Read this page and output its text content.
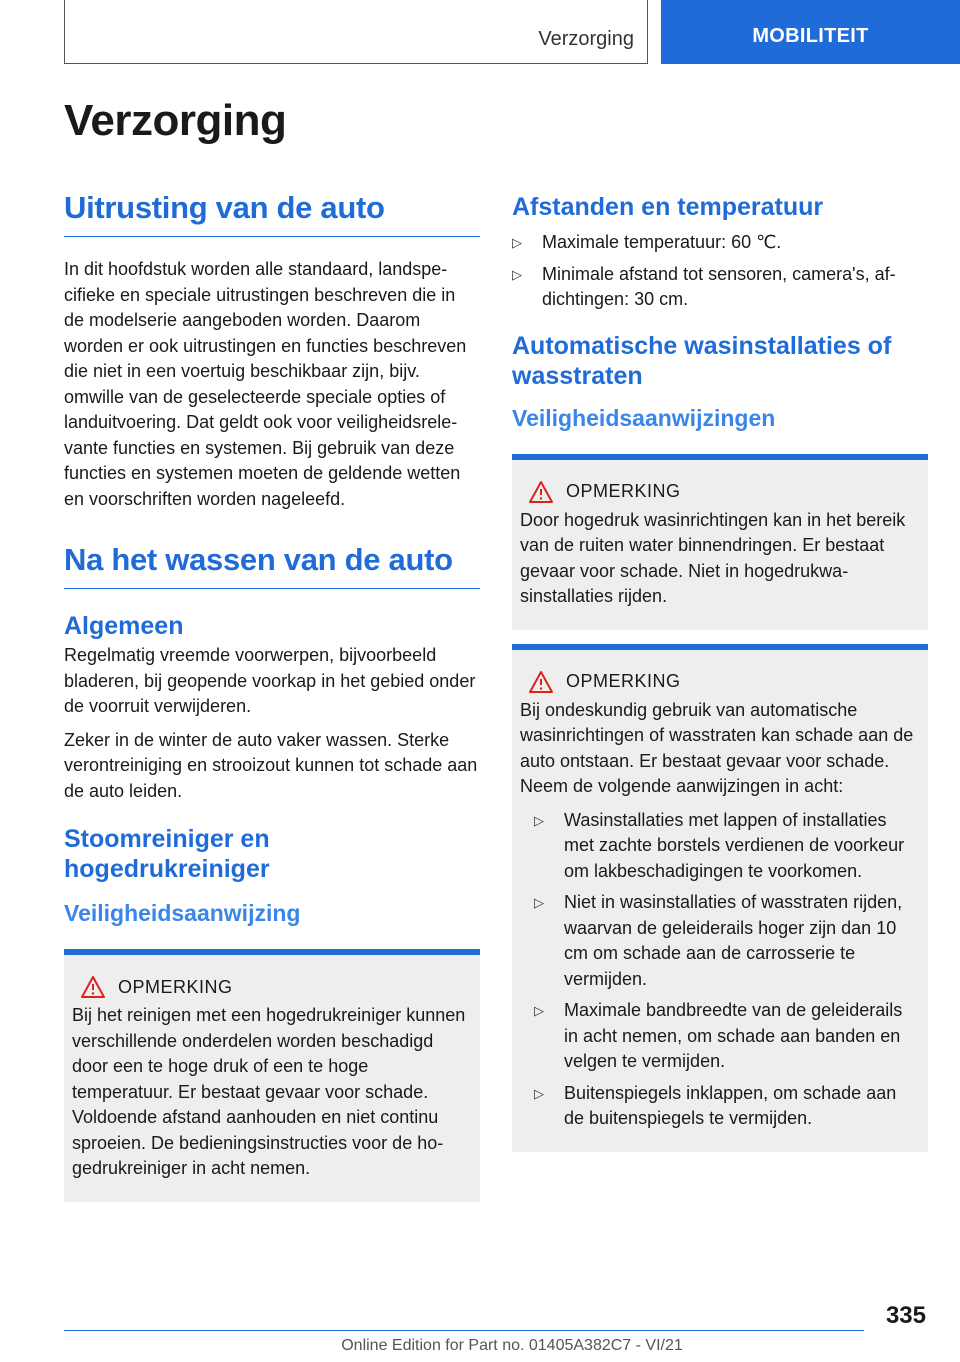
Verzorging	MOBILITEIT
Verzorging
Uitrusting van de auto

In dit hoofdstuk worden alle standaard, landspecifieke en speciale uitrustingen beschreven die in de modelserie aangeboden worden. Daarom worden er ook uitrustingen en functies beschreven die niet in een voertuig beschikbaar zijn, bijv. omwille van de geselecteerde speciale opties of landuitvoering. Dat geldt ook voor veiligheidsrelevante functies en systemen. Bij gebruik van deze functies en systemen moeten de geldende wetten en voorschriften worden nageleefd.

Na het wassen van de auto
Algemeen

Regelmatig vreemde voorwerpen, bijvoorbeeld bladeren, bij geopende voorkap in het gebied onder de voorruit verwijderen.

Zeker in de winter de auto vaker wassen. Sterke verontreiniging en strooizout kunnen tot schade aan de auto leiden.

Stoomreiniger en hogedrukreiniger
Veiligheidsaanwijzing
OPMERKING

Bij het reinigen met een hogedrukreiniger kunnen verschillende onderdelen worden beschadigd door een te hoge druk of een te hoge temperatuur. Er bestaat gevaar voor schade. Voldoende afstand aanhouden en niet continu sproeien. De bedieningsinstructies voor de hogedrukreiniger in acht nemen.

Afstanden en temperatuur
▷ Maximale temperatuur: 60 ℃.
▷ Minimale afstand tot sensoren, camera's, afdichtingen: 30 cm.
Automatische wasinstallaties of wasstraten
Veiligheidsaanwijzingen
OPMERKING

Door hogedruk wasinrichtingen kan in het bereik van de ruiten water binnendringen. Er bestaat gevaar voor schade. Niet in hogedrukwasinstallaties rijden.

OPMERKING

Bij ondeskundig gebruik van automatische wasinrichtingen of wasstraten kan schade aan de auto ontstaan. Er bestaat gevaar voor schade. Neem de volgende aanwijzingen in acht:

▷ Wasinstallaties met lappen of installaties met zachte borstels verdienen de voorkeur om lakbeschadigingen te voorkomen.
▷ Niet in wasinstallaties of wasstraten rijden, waarvan de geleiderails hoger zijn dan 10 cm om schade aan de carrosserie te vermijden.
▷ Maximale bandbreedte van de geleiderails in acht nemen, om schade aan banden en velgen te vermijden.
▷ Buitenspiegels inklappen, om schade aan de buitenspiegels te vermijden.
335
Online Edition for Part no. 01405A382C7 - VI/21
